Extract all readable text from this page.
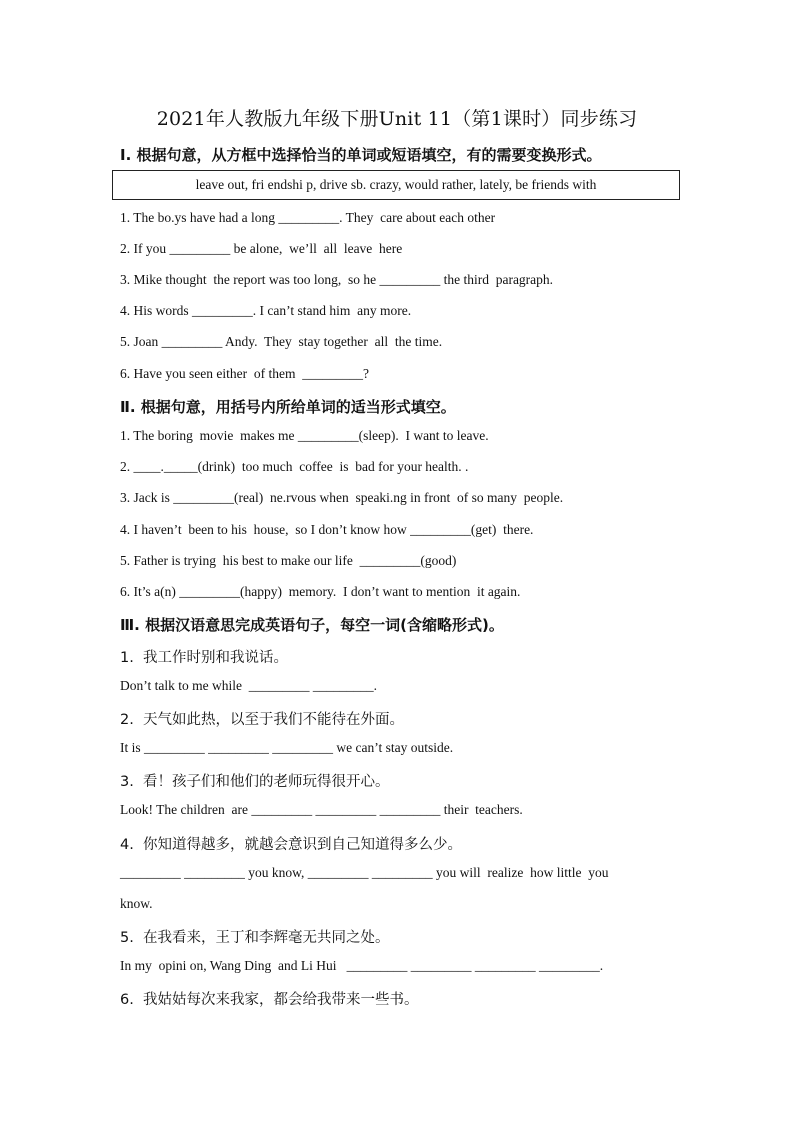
2021年人教版九年级下册Unit 11（第1课时）同步练习
Ⅰ. 根据句意，从方框中选择恰当的单词或短语填空，有的需要变换形式。
leave out, fri endshi p, drive sb. crazy, would rather, lately, be friends with
1. The bo.ys have had a long _________. They  care about each other
2. If you _________ be alone,  we’ll  all  leave  here
3. Mike thought  the report was too long,  so he _________ the third  paragraph.
4. His words _________. I can’t stand him  any more.
5. Joan _________ Andy.  They  stay together  all  the time.
6. Have you seen either  of them  _________?
Ⅱ. 根据句意，用括号内所给单词的适当形式填空。
1. The boring  movie  makes me _________(sleep).  I want to leave.
2. ____._____(drink)  too much  coffee  is  bad for your health. .
3. Jack is _________(real)  ne.rvous when  speaki.ng in front  of so many  people.
4. I haven’t  been to his  house,  so I don’t know how _________(get)  there.
5. Father is trying  his best to make our life  _________(good)
6. It’s a(n) _________(happy)  memory.  I don’t want to mention  it again.
Ⅲ. 根据汉语意思完成英语句子，每空一词(含缩略形式)。
1.  我工作时别和我说话。
Don’t talk to me while  _________ _________.
2.  天气如此热，以至于我们不能待在外面。
It is _________ _________ _________ we can’t stay outside.
3.  看！孩子们和他们的老师玩得很开心。
Look! The children  are _________ _________ _________ their  teachers.
4.  你知道得越多，就越会意识到自己知道得多么少。
_________ _________ you know, _________ _________ you will  realize  how little  you
know.
5.  在我看来，王丁和李辉毫无共同之处。
In my  opini on, Wang Ding  and Li Hui   _________ _________ _________ _________.
6.  我姑姑每次来我家，都会给我带来一些书。
